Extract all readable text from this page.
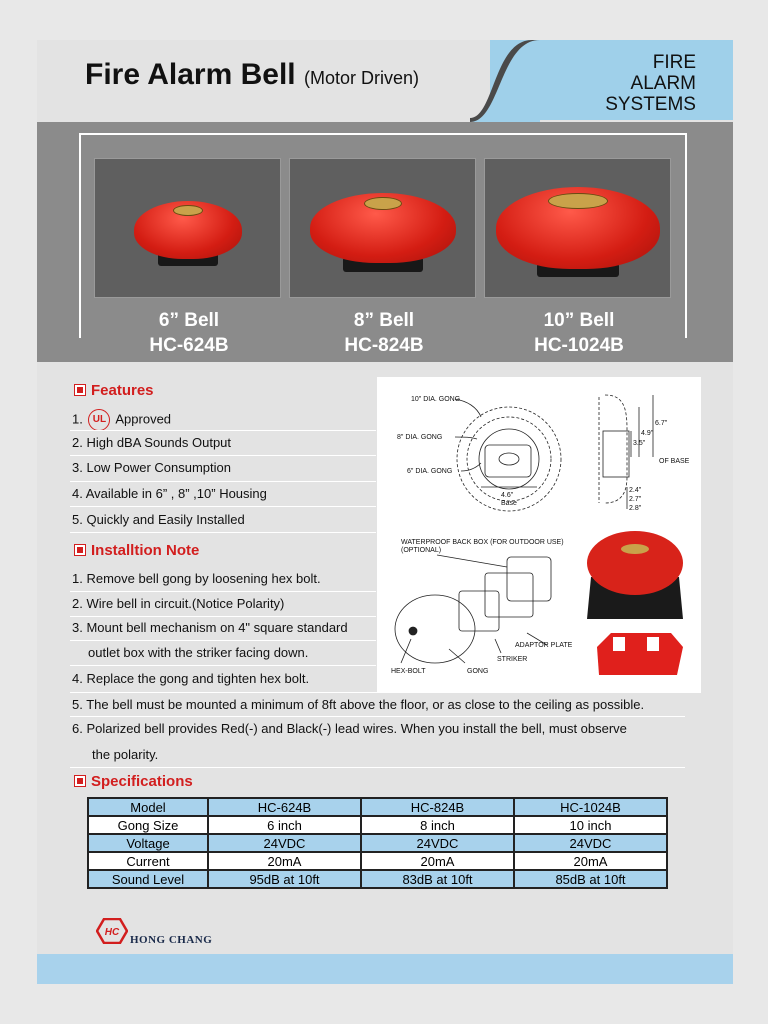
Fire Alarm Bell (Motor Driven)
FIRE
ALARM
SYSTEMS
6” Bell
HC-624B
8” Bell
HC-824B
10” Bell
HC-1024B
Features
1. UL Approved
2. High dBA Sounds Output
3. Low Power Consumption
4. Available in 6” , 8” ,10” Housing
5. Quickly and Easily Installed
Installtion Note
1. Remove bell gong by loosening hex bolt.
2. Wire bell in circuit.(Notice Polarity)
3. Mount bell mechanism on 4" square standard
outlet box with the striker facing down.
4. Replace the gong and tighten hex bolt.
5. The bell must be mounted a minimum of 8ft above the floor, or as close to the ceiling as possible.
6. Polarized bell provides Red(-) and Black(-) lead wires. When you install the bell, must observe
the polarity.
10" DIA. GONG
8" DIA. GONG
6" DIA. GONG
4.6"
Base
6.7"
4.9"
3.5"
OF BASE
2.4"
2.7"
2.8"
WATERPROOF BACK BOX (FOR OUTDOOR USE)
(OPTIONAL)
ADAPTOR PLATE
STRIKER
HEX-BOLT	GONG
Specifications
Model	HC-624B	HC-824B	HC-1024B
Gong Size	6 inch	8 inch	10 inch
Voltage	24VDC	24VDC	24VDC
Current	20mA	20mA	20mA
Sound Level	95dB at 10ft	83dB at 10ft	85dB at 10ft
HC
HONG CHANG
